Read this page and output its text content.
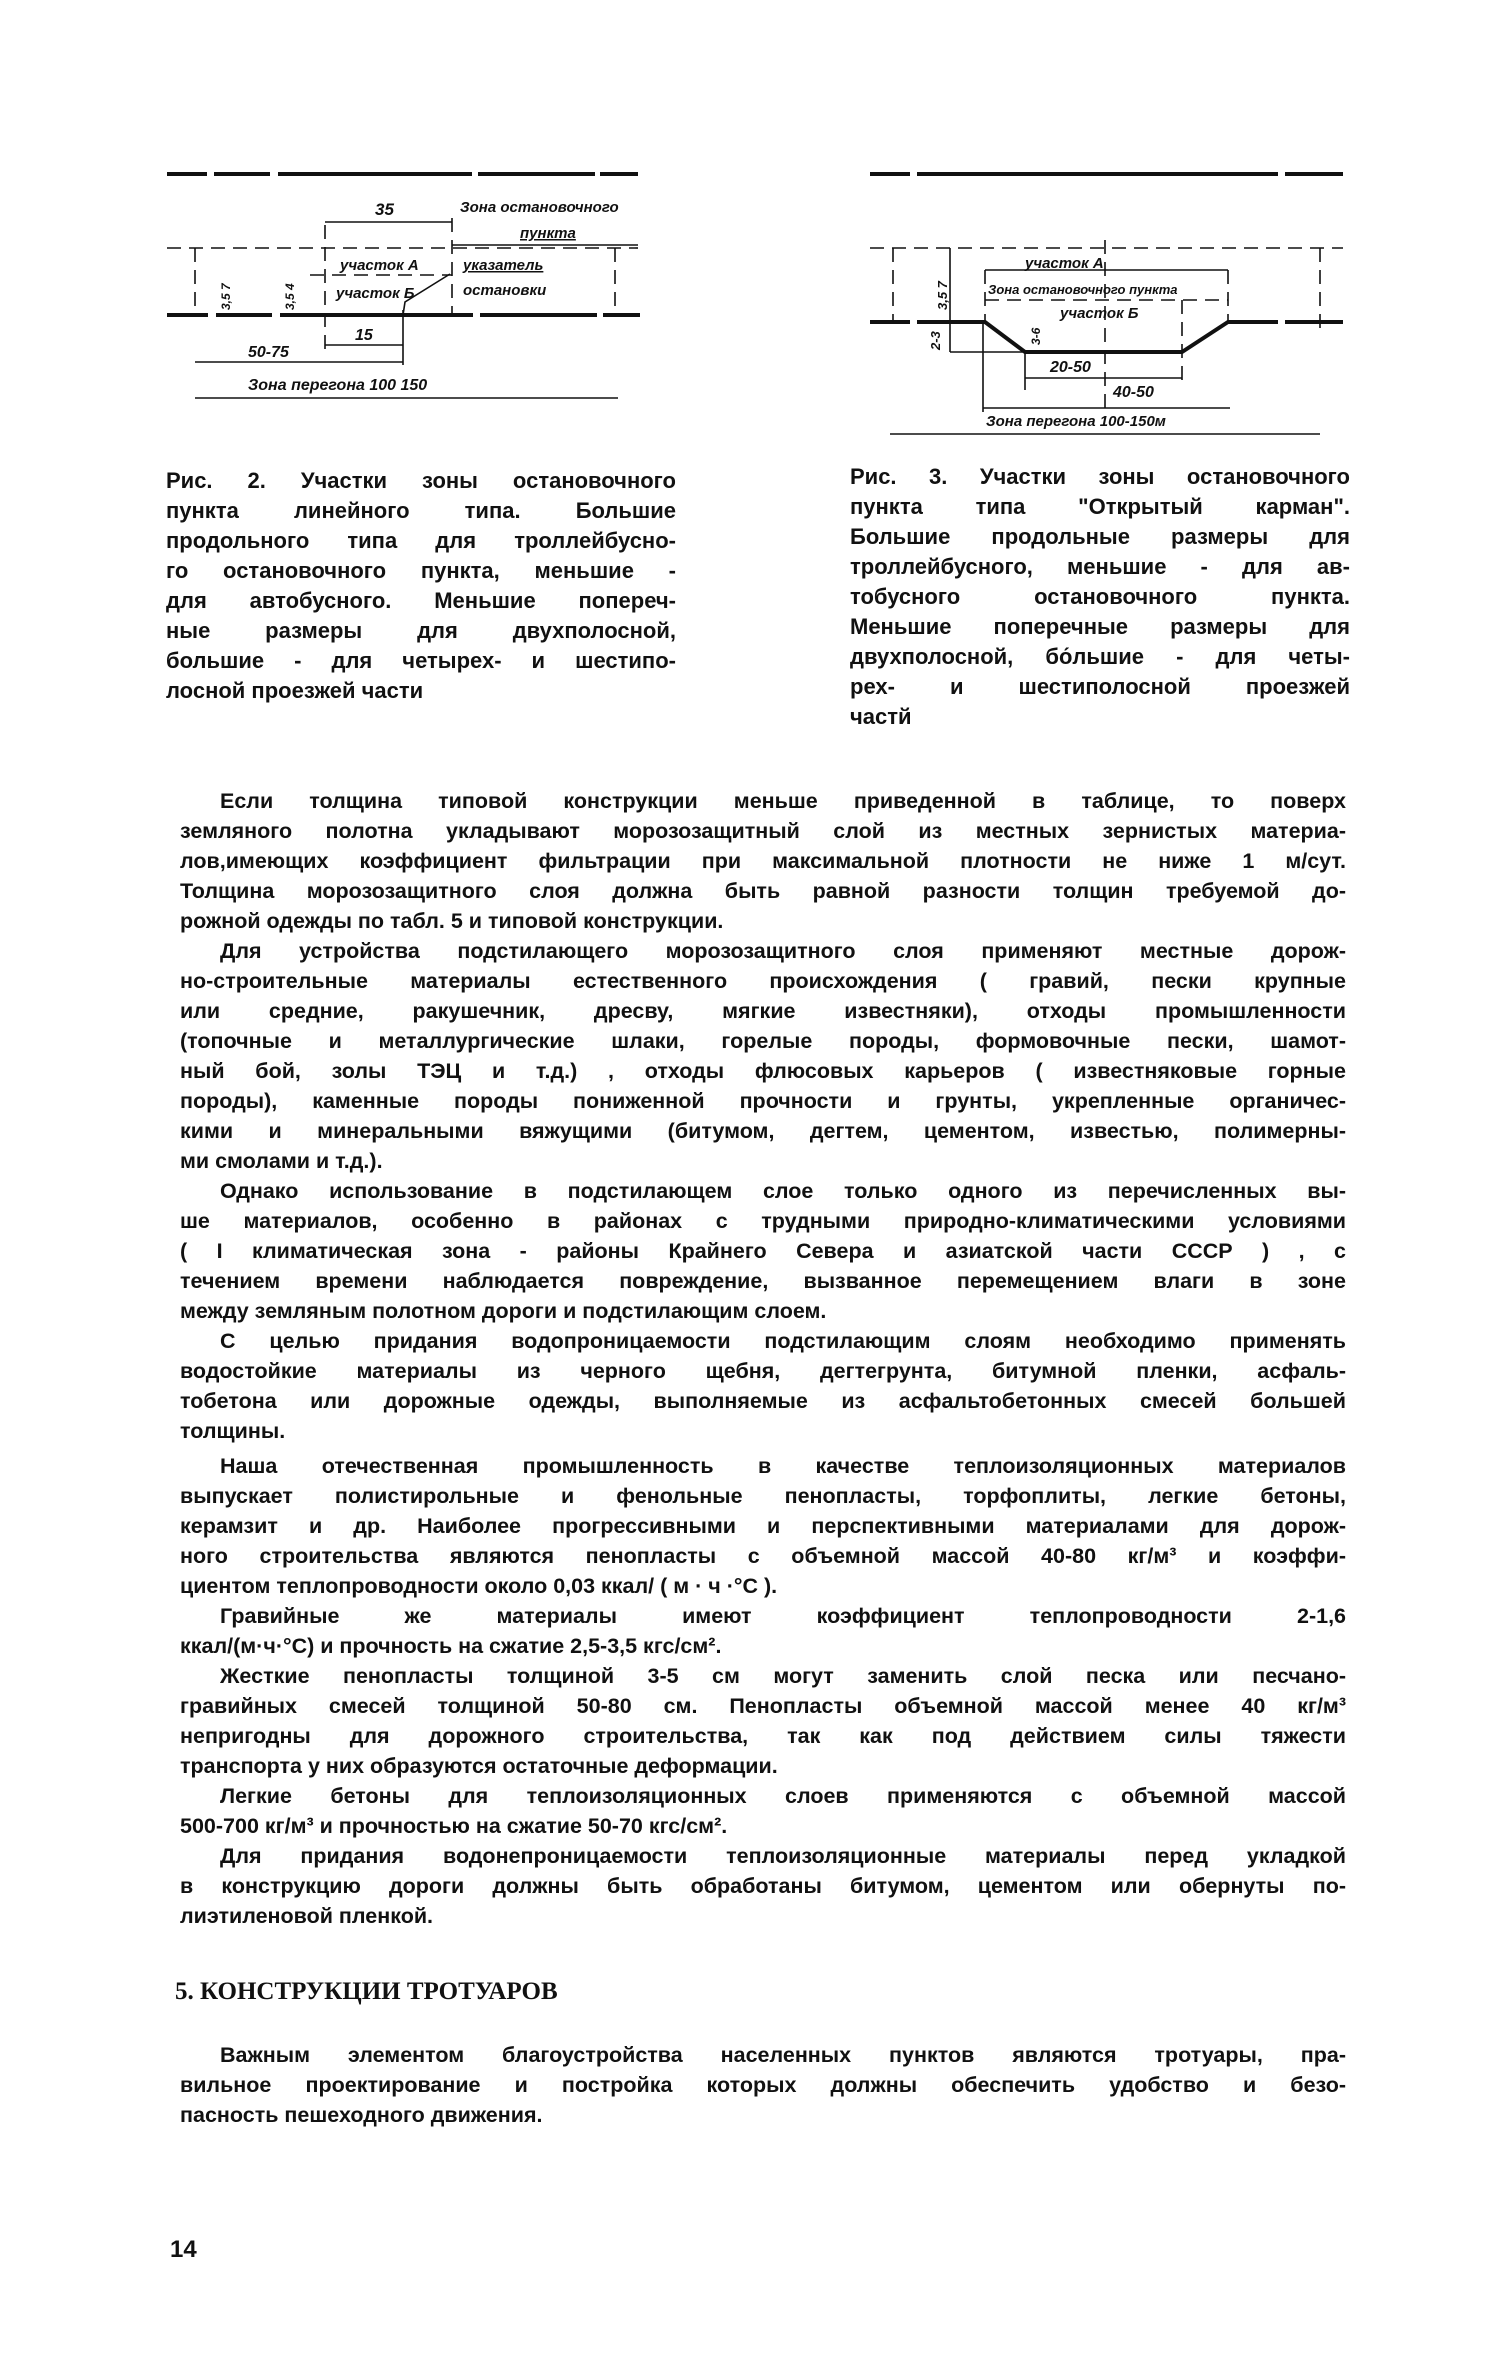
35	Зона остановочного
пункта
участок А
участок Б
указатель
остановки
3,5 7	3,5 4
15
50-75
Зона перегона 100 150
Рис. 2. Участки зоны остановочного
пункта линейного типа. Большие
продольного типа для троллейбусно-
го остановочного пункта, меньшие -
для автобусного. Меньшие попереч-
ные размеры для двухполосной,
большие - для четырех- и шестипо-
лосной проезжей части
участок А
Зона остановочного пункта
участок Б
3,5 7
2-3	3-6
20-50
40-50
Зона перегона 100-150м
Рис. 3. Участки зоны остановочного
пункта типа "Открытый карман".
Большие продольные размеры для
троллейбусного, меньшие - для ав-
тобусного остановочного пункта.
Меньшие поперечные размеры для
двухполосной, бо́льшие - для четы-
рех- и шестиполосной проезжей
частй
Если толщина типовой конструкции меньше приведенной в таблице, то поверх
земляного полотна укладывают морозозащитный слой из местных зернистых материа-
лов,имеющих коэффициент фильтрации при максимальной плотности не ниже 1 м/сут.
Толщина морозозащитного слоя должна быть равной разности толщин требуемой до-
рожной одежды по табл. 5 и типовой конструкции.
Для устройства подстилающего морозозащитного слоя применяют местные дорож-
но-строительные материалы естественного происхождения ( гравий, пески крупные
или средние, ракушечник, дресву, мягкие известняки), отходы промышленности
(топочные и металлургические шлаки, горелые породы, формовочные пески, шамот-
ный бой, золы ТЭЦ и т.д.) , отходы флюсовых карьеров ( известняковые горные
породы), каменные породы пониженной прочности и грунты, укрепленные органичес-
кими и минеральными вяжущими (битумом, дегтем, цементом, известью, полимерны-
ми смолами и т.д.).
Однако использование в подстилающем слое только одного из перечисленных вы-
ше материалов, особенно в районах с трудными природно-климатическими условиями
( I климатическая зона - районы Крайнего Севера и азиатской части СССР ) , с
течением времени наблюдается повреждение, вызванное перемещением влаги в зоне
между земляным полотном дороги и подстилающим слоем.
С целью придания водопроницаемости подстилающим слоям необходимо применять
водостойкие материалы из черного щебня, дегтегрунта, битумной пленки, асфаль-
тобетона или дорожные одежды, выполняемые из асфальтобетонных смесей большей
толщины.
Наша отечественная промышленность в качестве теплоизоляционных материалов
выпускает полистирольные и фенольные пенопласты, торфоплиты, легкие бетоны,
керамзит и др. Наиболее прогрессивными и перспективными материалами для дорож-
ного строительства являются пенопласты с объемной массой 40-80 кг/м³ и коэффи-
циентом теплопроводности около 0,03 ккал/ ( м · ч ·°С ).
Гравийные же материалы имеют коэффициент теплопроводности 2-1,6
ккал/(м·ч·°С) и прочность на сжатие 2,5-3,5 кгс/см².
Жесткие пенопласты толщиной 3-5 см могут заменить слой песка или песчано-
гравийных смесей толщиной 50-80 см. Пенопласты объемной массой менее 40 кг/м³
непригодны для дорожного строительства, так как под действием силы тяжести
транспорта у них образуются остаточные деформации.
Легкие бетоны для теплоизоляционных слоев применяются с объемной массой
500-700 кг/м³ и прочностью на сжатие 50-70 кгс/см².
Для придания водонепроницаемости теплоизоляционные материалы перед укладкой
в конструкцию дороги должны быть обработаны битумом, цементом или обернуты по-
лиэтиленовой пленкой.
5. КОНСТРУКЦИИ ТРОТУАРОВ
Важным элементом благоустройства населенных пунктов являются тротуары, пра-
вильное проектирование и постройка которых должны обеспечить удобство и безо-
пасность пешеходного движения.
14
